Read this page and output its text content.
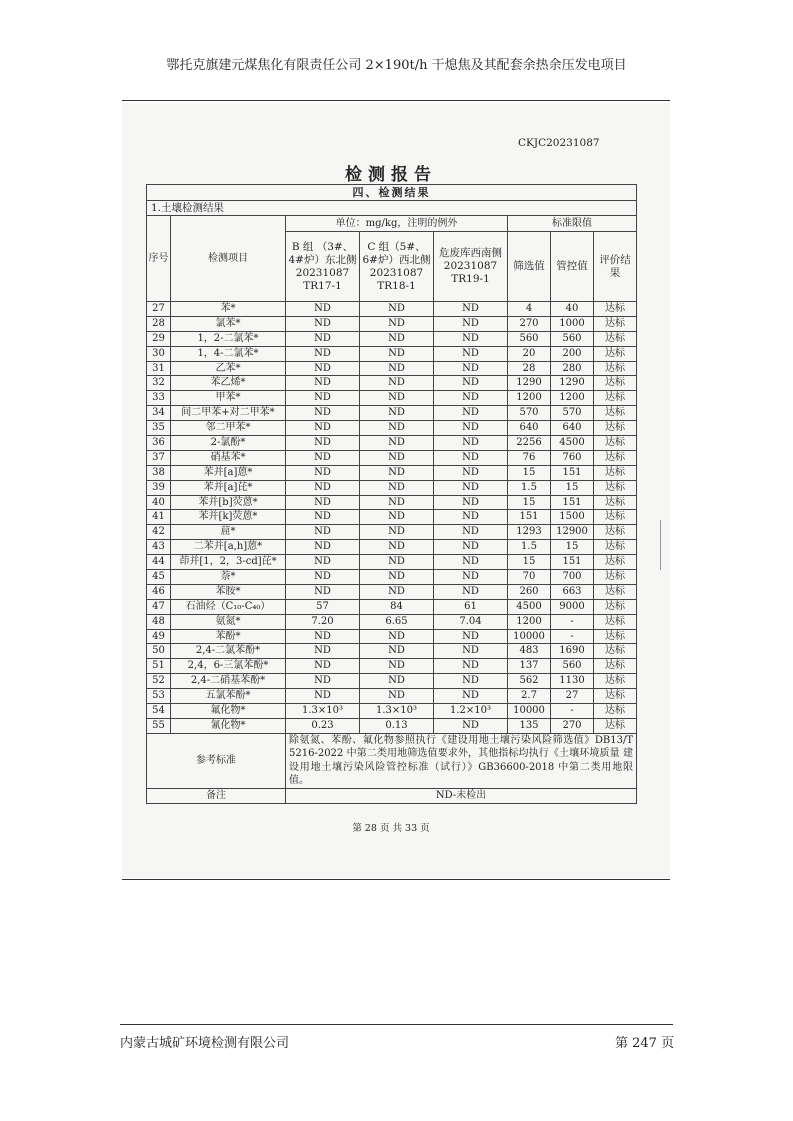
鄂托克旗建元煤焦化有限责任公司 2×190t/h 干熄焦及其配套余热余压发电项目
CKJC20231087
检测报告
四、检测结果							
1.土壤检测结果							
序号	检测项目	单位：mg/kg，注明的例外			标准限值		
		B 组 （3#、4#炉）东北侧 20231087 TR17-1	C 组（5#、6#炉）西北侧 20231087 TR18-1	危废库西南侧 20231087 TR19-1	筛选值	管控值	评价结果
27	苯*	ND	ND	ND	4	40	达标
28	氯苯*	ND	ND	ND	270	1000	达标
29	1，2-二氯苯*	ND	ND	ND	560	560	达标
30	1，4-二氯苯*	ND	ND	ND	20	200	达标
31	乙苯*	ND	ND	ND	28	280	达标
32	苯乙烯*	ND	ND	ND	1290	1290	达标
33	甲苯*	ND	ND	ND	1200	1200	达标
34	间二甲苯+对二甲苯*	ND	ND	ND	570	570	达标
35	邻二甲苯*	ND	ND	ND	640	640	达标
36	2-氯酚*	ND	ND	ND	2256	4500	达标
37	硝基苯*	ND	ND	ND	76	760	达标
38	苯并[a]蒽*	ND	ND	ND	15	151	达标
39	苯并[a]芘*	ND	ND	ND	1.5	15	达标
40	苯并[b]荧蒽*	ND	ND	ND	15	151	达标
41	苯并[k]荧蒽*	ND	ND	ND	151	1500	达标
42	䓛*	ND	ND	ND	1293	12900	达标
43	二苯并[a,h]蒽*	ND	ND	ND	1.5	15	达标
44	茚并[1，2，3-cd]芘*	ND	ND	ND	15	151	达标
45	萘*	ND	ND	ND	70	700	达标
46	苯胺*	ND	ND	ND	260	663	达标
47	石油烃（C₁₀-C₄₀）	57	84	61	4500	9000	达标
48	氨氮*	7.20	6.65	7.04	1200	-	达标
49	苯酚*	ND	ND	ND	10000	-	达标
50	2,4-二氯苯酚*	ND	ND	ND	483	1690	达标
51	2,4，6-三氯苯酚*	ND	ND	ND	137	560	达标
52	2,4-二硝基苯酚*	ND	ND	ND	562	1130	达标
53	五氯苯酚*	ND	ND	ND	2.7	27	达标
54	氟化物*	1.3×10³	1.3×10³	1.2×10³	10000	-	达标
55	氰化物*	0.23	0.13	ND	135	270	达标
参考标准		除氨氮、苯酚、氟化物参照执行《建设用地土壤污染风险筛选值》DB13/T 5216-2022 中第二类用地筛选值要求外，其他指标均执行《土壤环境质量 建设用地土壤污染风险管控标准（试行）》GB36600-2018 中第二类用地限值。					
备注		ND-未检出					
第 28 页 共 33 页
内蒙古城矿环境检测有限公司	第 247 页
